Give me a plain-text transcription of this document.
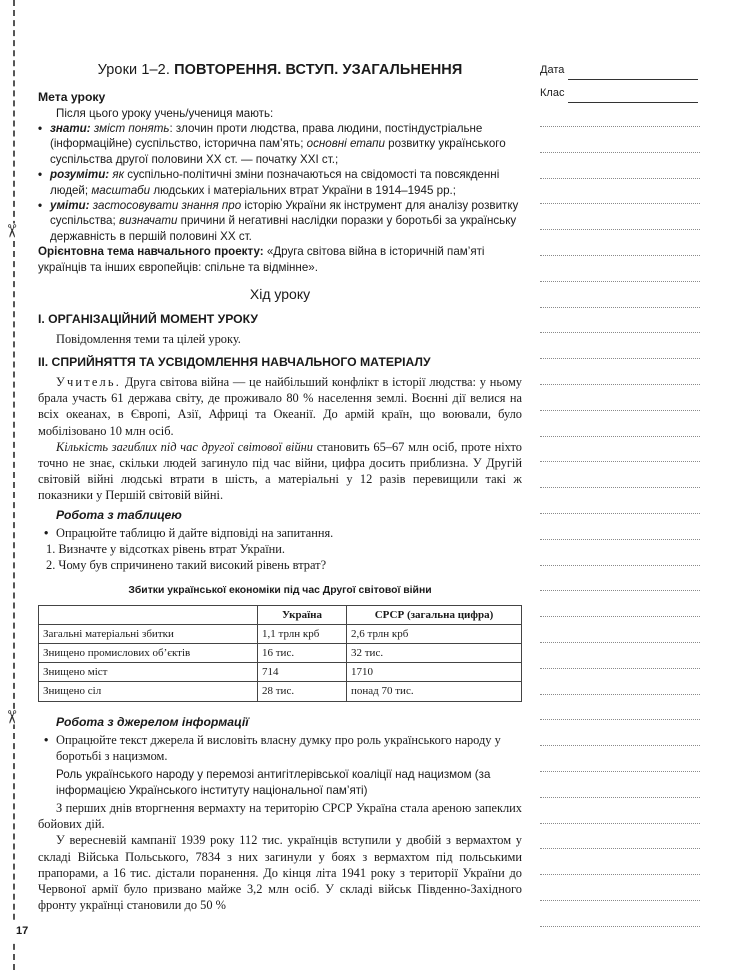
✂
✂
Уроки 1–2. ПОВТОРЕННЯ. ВСТУП. УЗАГАЛЬНЕННЯ

Мета уроку

Після цього уроку учень/учениця мають:

• знати: зміст понять: злочин проти людства, права людини, постіндустріальне (інформаційне) суспільство, історична пам’ять; основні етапи розвитку українського суспільства другої половини ХХ ст. — початку ХХІ ст.;
• розуміти: як суспільно-політичні зміни позначаються на свідомості та повсякденні людей; масштаби людських і матеріальних втрат України в 1914–1945 рр.;
• уміти: застосовувати знання про історію України як інструмент для аналізу розвитку суспільства; визначати причини й негативні наслідки поразки у боротьбі за українську державність в першій половині ХХ ст.

Орієнтовна тема навчального проекту: «Друга світова війна в історичній пам’яті українців та інших європейців: спільне та відмінне».

Хід уроку

I. ОРГАНІЗАЦІЙНИЙ МОМЕНТ УРОКУ

Повідомлення теми та цілей уроку.

II. СПРИЙНЯТТЯ ТА УСВІДОМЛЕННЯ НАВЧАЛЬНОГО МАТЕРІАЛУ

Учитель. Друга світова війна — це найбільший конфлікт в історії людства: у ньому брала участь 61 держава світу, де проживало 80 % населення землі. Воєнні дії велися на всіх океанах, в Європі, Азії, Африці та Океанії. До армій країн, що воювали, було мобілізовано 10 млн осіб.

Кількість загиблих під час другої світової війни становить 65–67 млн осіб, проте ніхто точно не знає, скільки людей загинуло під час війни, цифра досить приблизна. У Другій світовій війні людські втрати в шість, а матеріальні у 12 разів перевищили такі ж показники у Першій світовій війні.

Робота з таблицею

• Опрацюйте таблицю й дайте відповіді на запитання.
1. Визначте у відсотках рівень втрат України.
2. Чому був спричинено такий високий рівень втрат?
Збитки української економіки під час Другої світової війни
	Україна	СРСР (загальна цифра)
Загальні матеріальні збитки	1,1 трлн крб	2,6 трлн крб
Знищено промислових об’єктів	16 тис.	32 тис.
Знищено міст	714	1710
Знищено сіл	28 тис.	понад 70 тис.

Робота з джерелом інформації

• Опрацюйте текст джерела й висловіть власну думку про роль українського народу у боротьбі з нацизмом.

Роль українського народу у перемозі антигітлерівської коаліції над нацизмом (за інформацією Українського інституту національної пам’яті)

З перших днів вторгнення вермахту на територію СРСР Україна стала ареною запеклих бойових дій.

У вересневій кампанії 1939 року 112 тис. українців вступили у двобій з вермахтом у складі Війська Польського, 7834 з них загинули у боях з вермахтом під польськими прапорами, а 16 тис. дістали поранення. До кінця літа 1941 року з території України до Червоної армії було призвано майже 3,2 млн осіб. У складі військ Південно-Західного фронту українці становили до 50 %

Дата
Клас
17
